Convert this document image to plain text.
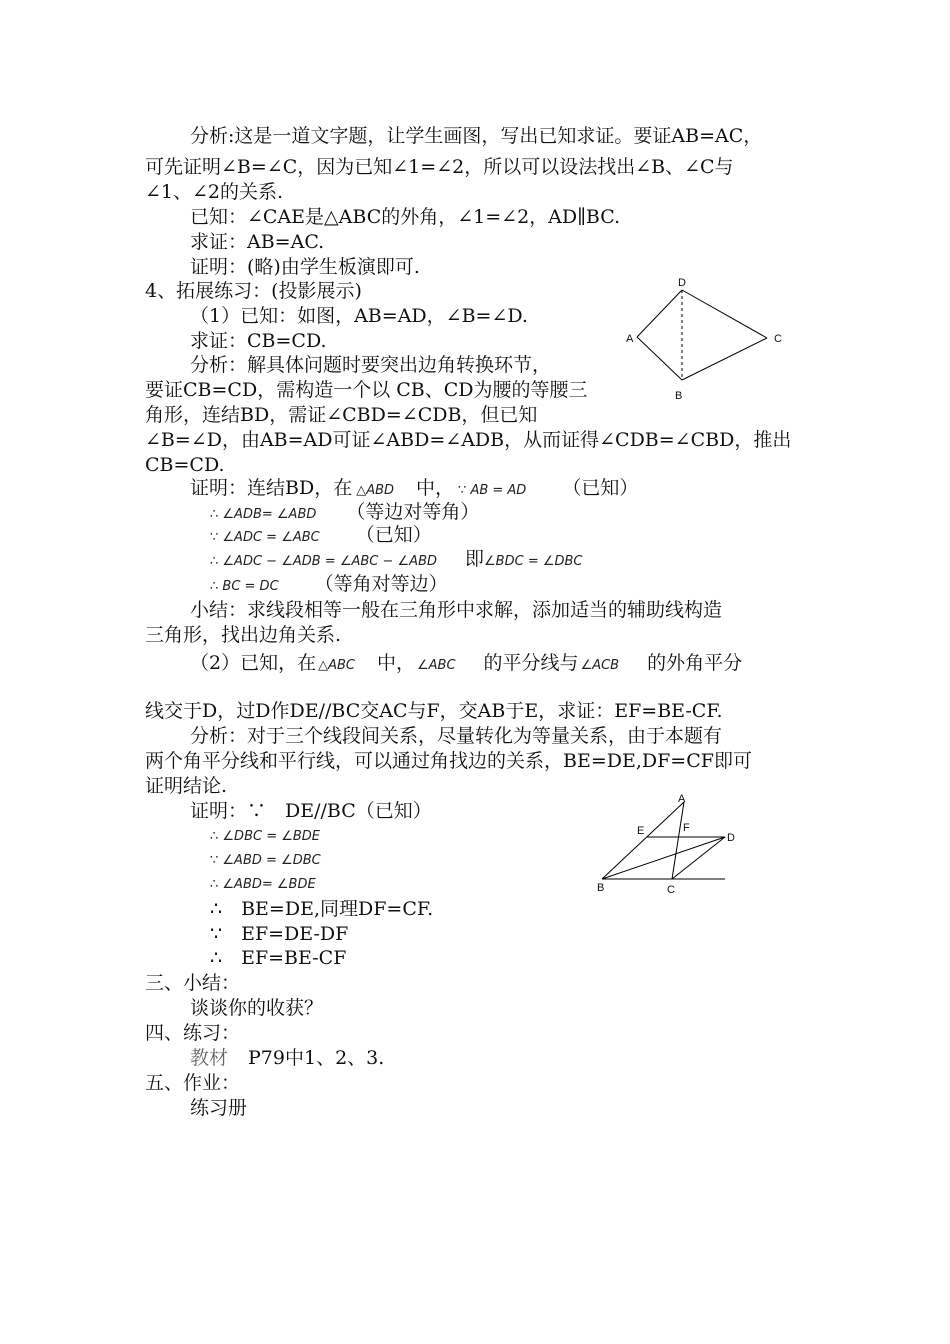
分析:这是一道文字题，让学生画图，写出已知求证。要证AB=AC，
可先证明∠B=∠C，因为已知∠1=∠2，所以可以设法找出∠B、∠C与
∠1、∠2的关系.
已知：∠CAE是△ABC的外角，∠1=∠2，AD∥BC.
求证：AB=AC.
证明：(略)由学生板演即可.
4、拓展练习：(投影展示)
（1）已知：如图，AB=AD，∠B=∠D.
求证：CB=CD.
分析：解具体问题时要突出边角转换环节，
要证CB=CD，需构造一个以 CB、CD为腰的等腰三
角形，连结BD，需证∠CBD=∠CDB，但已知
∠B=∠D，由AB=AD可证∠ABD=∠ADB，从而证得∠CDB=∠CBD，推出
CB=CD.
D
A	C
B
证明：连结BD，在 △ABD 中， ∵ AB = AD （已知）
∴ ∠ADB= ∠ABD （等边对等角）
∵ ∠ADC = ∠ABC （已知）
∴ ∠ADC − ∠ADB = ∠ABC − ∠ABD 即∠BDC = ∠DBC
∴ BC = DC （等角对等边）
小结：求线段相等一般在三角形中求解，添加适当的辅助线构造
三角形，找出边角关系.
（2）已知，在 △ABC 中， ∠ABC 的平分线与 ∠ACB 的外角平分
线交于D，过D作DE//BC交AC与F，交AB于E，求证：EF=BE-CF.
分析：对于三个线段间关系，尽量转化为等量关系，由于本题有
两个角平分线和平行线，可以通过角找边的关系，BE=DE,DF=CF即可
证明结论.
证明：∵　DE//BC（已知）
∴ ∠DBC = ∠BDE
∵ ∠ABD = ∠DBC
∴ ∠ABD= ∠BDE
∴　BE=DE,同理DF=CF.
∵　EF=DE-DF
∴　EF=BE-CF
A
E	F
D
B	C
三、小结：
谈谈你的收获？
四、练习：
教材 P79中1、2、3.
五、作业：
练习册
